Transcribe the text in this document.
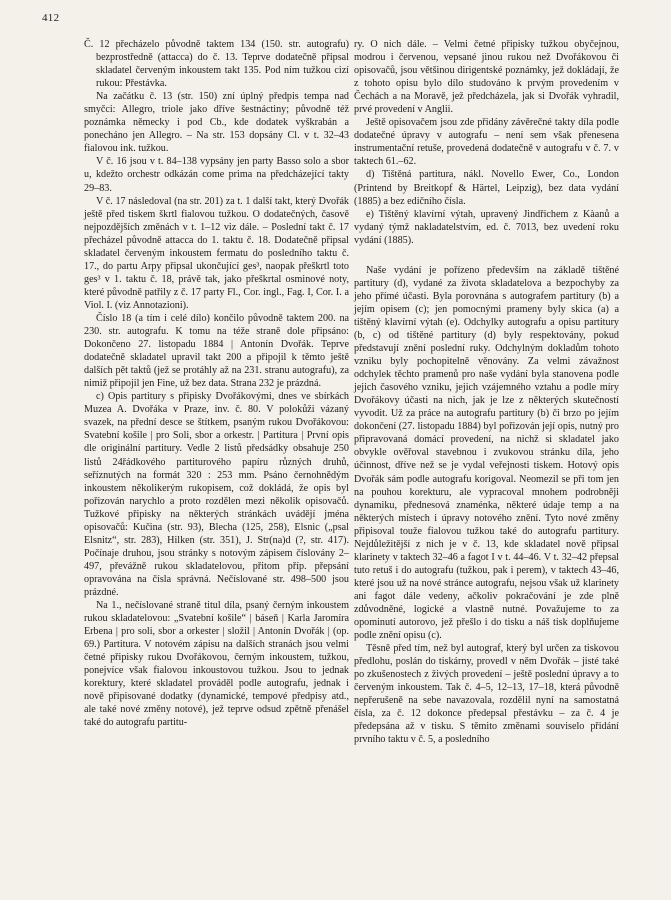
412

Č. 12 přecházelo původně taktem 134 (150. str. autografu) bezprostředně (attacca) do č. 13. Teprve dodatečně připsal skladatel červeným inkoustem takt 135. Pod ním tužkou cizí rukou: Přestávka.

Na začátku č. 13 (str. 150) zní úplný předpis tempa nad smyčci: Allegro, triole jako dříve šestnáctiny; původně též poznámka německy i pod Cb., kde dodatek vyškrabán a ponecháno jen Allegro. – Na str. 153 dopsány Cl. v t. 32–43 fialovou ink. tužkou.

V č. 16 jsou v t. 84–138 vypsány jen party Basso solo a sbor u, kdežto orchestr odkázán come prima na předcházející takty 29–83.

V č. 17 následoval (na str. 201) za t. 1 další takt, který Dvořák ještě před tiskem škrtl fialovou tužkou. O dodatečných, časově nejpozdějších změnách v t. 1–12 viz dále. – Poslední takt č. 17 přecházel původně attacca do 1. taktu č. 18. Dodatečně připsal skladatel červeným inkoustem fermatu do posledního taktu č. 17., do partu Arpy připsal ukončující ges³, naopak přeškrtl toto ges³ v 1. taktu č. 18, právě tak, jako přeškrtal osminové noty, které původně patřily z č. 17 party Fl., Cor. ingl., Fag. I, Cor. I. a Viol. I. (viz Annotazioni).

Číslo 18 (a tím i celé dílo) končilo původně taktem 200. na 230. str. autografu. K tomu na téže straně dole připsáno: Dokončeno 27. listopadu 1884 | Antonín Dvořák. Teprve dodatečně skladatel upravil takt 200 a připojil k těmto ještě dalších pět taktů (jež se protáhly až na 231. stranu autografu), za nimiž připojil jen Fine, už bez data. Strana 232 je prázdná.

c) Opis partitury s připisky Dvořákovými, dnes ve sbírkách Muzea A. Dvořáka v Praze, inv. č. 80. V polokůži vázaný svazek, na přední desce se štítkem, psaným rukou Dvořákovou: Svatební košile | pro Soli, sbor a orkestr. | Partitura | První opis dle originální partitury. Vedle 2 listů předsádky obsahuje 250 listů 24řádkového partiturového papíru různých druhů, seříznutých na formát 320 : 253 mm. Psáno černohnědým inkoustem několikerým rukopisem, což dokládá, že opis byl pořizován narychlo a proto rozdělen mezi několik opisovačů. Tužkové připisky na některých stránkách uvádějí jména opisovačů: Kučina (str. 93), Blecha (125, 258), Elsnic („psal Elsnitz“, str. 283), Hilken (str. 351), J. Str(na)d (?, str. 417). Počínaje druhou, jsou stránky s notovým zápisem číslovány 2–497, převážně rukou skladatelovou, přitom příp. přepsání opravována na čísla správná. Nečíslované str. 498–500 jsou prázdné.

Na 1., nečíslované straně titul díla, psaný černým inkoustem rukou skladatelovou: „Svatební košile“ | báseň | Karla Jaromíra Erbena | pro soli, sbor a orkester | složil | Antonín Dvořák | (op. 69.) Partitura. V notovém zápisu na dalších stranách jsou velmi četné připisky rukou Dvořákovou, černým inkoustem, tužkou, ponejvíce však fialovou inkoustovou tužkou. Jsou to jednak korektury, které skladatel prováděl podle autografu, jednak i nově připisované dodatky (dynamické, tempové předpisy atd., ale také nové změny notové), jež teprve odsud zpětně přenášel také do autografu partitu-

ry. O nich dále. – Velmi četné připisky tužkou obyčejnou, modrou i červenou, vepsané jinou rukou než Dvořákovou či opisovačů, jsou většinou dirigentské poznámky, jež dokládají, že z tohoto opisu bylo dílo studováno k prvým provedením v Čechách a na Moravě, jež předcházela, jak si Dvořák vyhradil, prvé provedení v Anglii.

Ještě opisovačem jsou zde přidány závěrečné takty díla podle dodatečné úpravy v autografu – není sem však přenesena instrumentační retuše, provedená dodatečně v autografu v č. 7. v taktech 61.–62.

d) Tištěná partitura, nákl. Novello Ewer, Co., London (Printend by Breitkopf & Härtel, Leipzig), bez data vydání (1885) a bez edičního čísla.

e) Tištěný klavírní výtah, upravený Jindřichem z Kàanů a vydaný týmž nakladatelstvím, ed. č. 7013, bez uvedení roku vydání (1885).

Naše vydání je pořízeno především na základě tištěné partitury (d), vydané za života skladatelova a bezpochyby za jeho přímé účasti. Byla porovnána s autografem partitury (b) a jejím opisem (c); jen pomocnými prameny byly skica (a) a tištěný klavírní výtah (e). Odchylky autografu a opisu partitury (b, c) od tištěné partitury (d) byly respektovány, pokud představují znění poslední ruky. Odchylným dokladům tohoto vzniku byly pochopitelně věnovány. Za velmi závažnost odchylek těchto pramenů pro naše vydání byla stanovena podle jejich časového vzniku, jejich vzájemného vztahu a podle míry Dvořákovy účasti na nich, jak je lze z některých skutečností vyvodit. Už za práce na autografu partitury (b) či brzo po jejím dokončení (27. listopadu 1884) byl pořizován její opis, nutný pro připravovaná domácí provedení, na nichž si skladatel jako obvykle ověřoval stavebnou i zvukovou stránku díla, jeho účinnost, dříve než se je vydal veřejnosti tiskem. Hotový opis Dvořák sám podle autografu korigoval. Neomezil se při tom jen na pouhou korekturu, ale vypracoval mnohem podrobněji dynamiku, přednesová znaménka, některé údaje temp a na některých místech i úpravy notového znění. Tyto nové změny připisoval touže fialovou tužkou také do autografu partitury. Nejdůležitější z nich je v č. 13, kde skladatel nově připsal klarinety v taktech 32–46 a fagot I v t. 44–46. V t. 32–42 přepsal tuto retuš i do autografu (tužkou, pak i perem), v taktech 43–46, které jsou už na nové stránce autografu, nejsou však už klarinety ani fagot dále vedeny, ačkoliv pokračování je zde plně zdůvodněné, logické a vlastně nutné. Považujeme to za opominutí autorovo, jež přešlo i do tisku a náš tisk doplňujeme podle znění opisu (c).

Těsně před tím, než byl autograf, který byl určen za tiskovou předlohu, poslán do tiskárny, provedl v něm Dvořák – jisté také po zkušenostech z živých provedení – ještě poslední úpravy a to červeným inkoustem. Tak č. 4–5, 12–13, 17–18, která původně nepřerušeně na sebe navazovala, rozdělil nyní na samostatná čísla, za č. 12 dokonce předepsal přestávku – za č. 4 je předepsána až v tisku. S těmito změnami souviselo přidání prvního taktu v č. 5, a posledního
